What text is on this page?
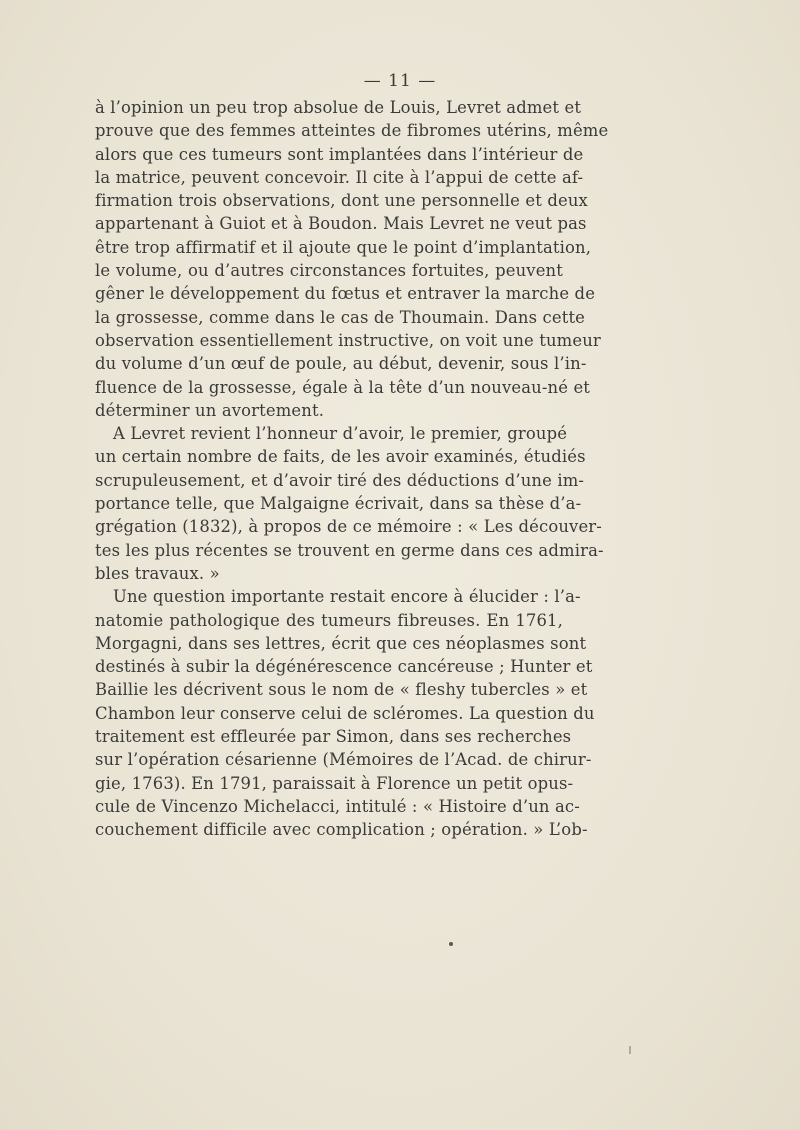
— 11 —
à l’opinion un peu trop absolue de Louis, Levret admet et
prouve que des femmes atteintes de fibromes utérins, même
alors que ces tumeurs sont implantées dans l’intérieur de
la matrice, peuvent concevoir. Il cite à l’appui de cette af-
firmation trois observations, dont une personnelle et deux
appartenant à Guiot et à Boudon. Mais Levret ne veut pas
être trop affirmatif et il ajoute que le point d’implantation,
le volume, ou d’autres circonstances fortuites, peuvent
gêner le développement du fœtus et entraver la marche de
la grossesse, comme dans le cas de Thoumain. Dans cette
observation essentiellement instructive, on voit une tumeur
du volume d’un œuf de poule, au début, devenir, sous l’in-
fluence de la grossesse, égale à la tête d’un nouveau-né et
déterminer un avortement.
A Levret revient l’honneur d’avoir, le premier, groupé
un certain nombre de faits, de les avoir examinés, étudiés
scrupuleusement, et d’avoir tiré des déductions d’une im-
portance telle, que Malgaigne écrivait, dans sa thèse d’a-
grégation (1832), à propos de ce mémoire : « Les découver-
tes les plus récentes se trouvent en germe dans ces admira-
bles travaux. »
Une question importante restait encore à élucider : l’a-
natomie pathologique des tumeurs fibreuses. En 1761,
Morgagni, dans ses lettres, écrit que ces néoplasmes sont
destinés à subir la dégénérescence cancéreuse ; Hunter et
Baillie les décrivent sous le nom de « fleshy tubercles » et
Chambon leur conserve celui de scléromes. La question du
traitement est effleurée par Simon, dans ses recherches
sur l’opération césarienne (Mémoires de l’Acad. de chirur-
gie, 1763). En 1791, paraissait à Florence un petit opus-
cule de Vincenzo Michelacci, intitulé : « Histoire d’un ac-
couchement difficile avec complication ; opération. » L’ob-
